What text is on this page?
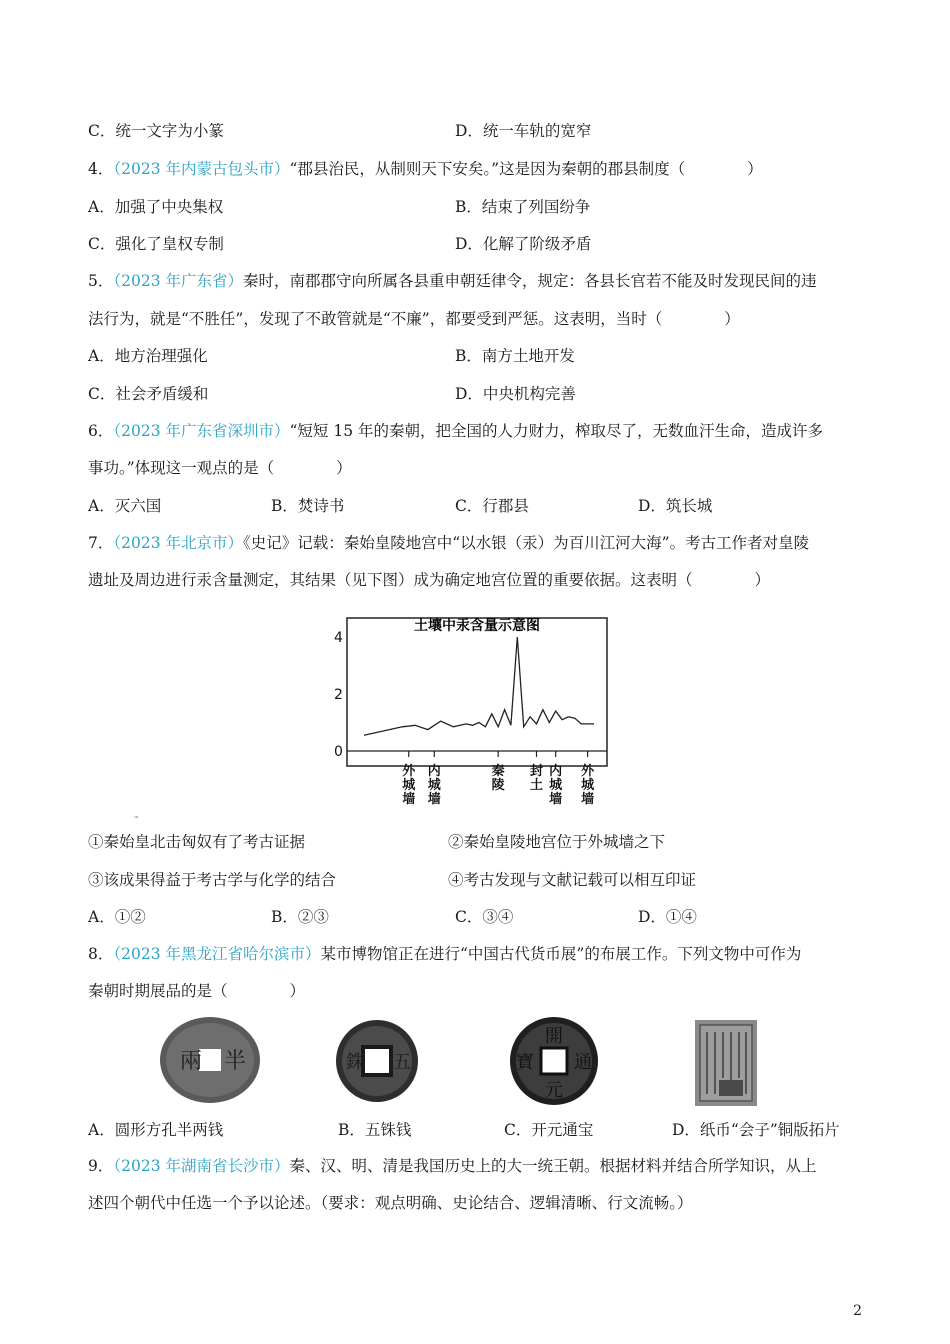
C．统一文字为小篆	D．统一车轨的宽窄
4．（2023 年内蒙古包头市）“郡县治民，从制则天下安矣。”这是因为秦朝的郡县制度（　　　　）
A．加强了中央集权	B．结束了列国纷争
C．强化了皇权专制	D．化解了阶级矛盾
5．（2023 年广东省）秦时，南郡郡守向所属各县重申朝廷律令，规定：各县长官若不能及时发现民间的违
法行为，就是“不胜任”，发现了不敢管就是“不廉”，都要受到严惩。这表明，当时（　　　　）
A．地方治理强化	B．南方土地开发
C．社会矛盾缓和	D．中央机构完善
6．（2023 年广东省深圳市）“短短 15 年的秦朝，把全国的人力财力，榨取尽了，无数血汗生命，造成许多
事功。”体现这一观点的是（　　　　）
A．灭六国	B．焚诗书	C．行郡县	D．筑长城
7．（2023 年北京市）《史记》记载：秦始皇陵地宫中“以水银（汞）为百川江河大海”。考古工作者对皇陵
遗址及周边进行汞含量测定，其结果（见下图）成为确定地宫位置的重要依据。这表明（　　　　）
土壤中汞含量示意图
0
2
4
外城墙
内城墙
秦陵
封土
内城墙
外城墙
①秦始皇北击匈奴有了考古证据	②秦始皇陵地宫位于外城墙之下
③该成果得益于考古学与化学的结合	④考古发现与文献记载可以相互印证
A．①②	B．②③	C．③④	D．①④
8．（2023 年黑龙江省哈尔滨市）某市博物馆正在进行“中国古代货币展”的布展工作。下列文物中可作为
秦朝时期展品的是（　　　　）
兩 半	銖 五
五铢
開
元
通
寶
A．圆形方孔半两钱	B．五铢钱	C．开元通宝	D．纸币“会子”铜版拓片
9．（2023 年湖南省长沙市）秦、汉、明、清是我国历史上的大一统王朝。根据材料并结合所学知识，从上
述四个朝代中任选一个予以论述。（要求：观点明确、史论结合、逻辑清晰、行文流畅。）
2
